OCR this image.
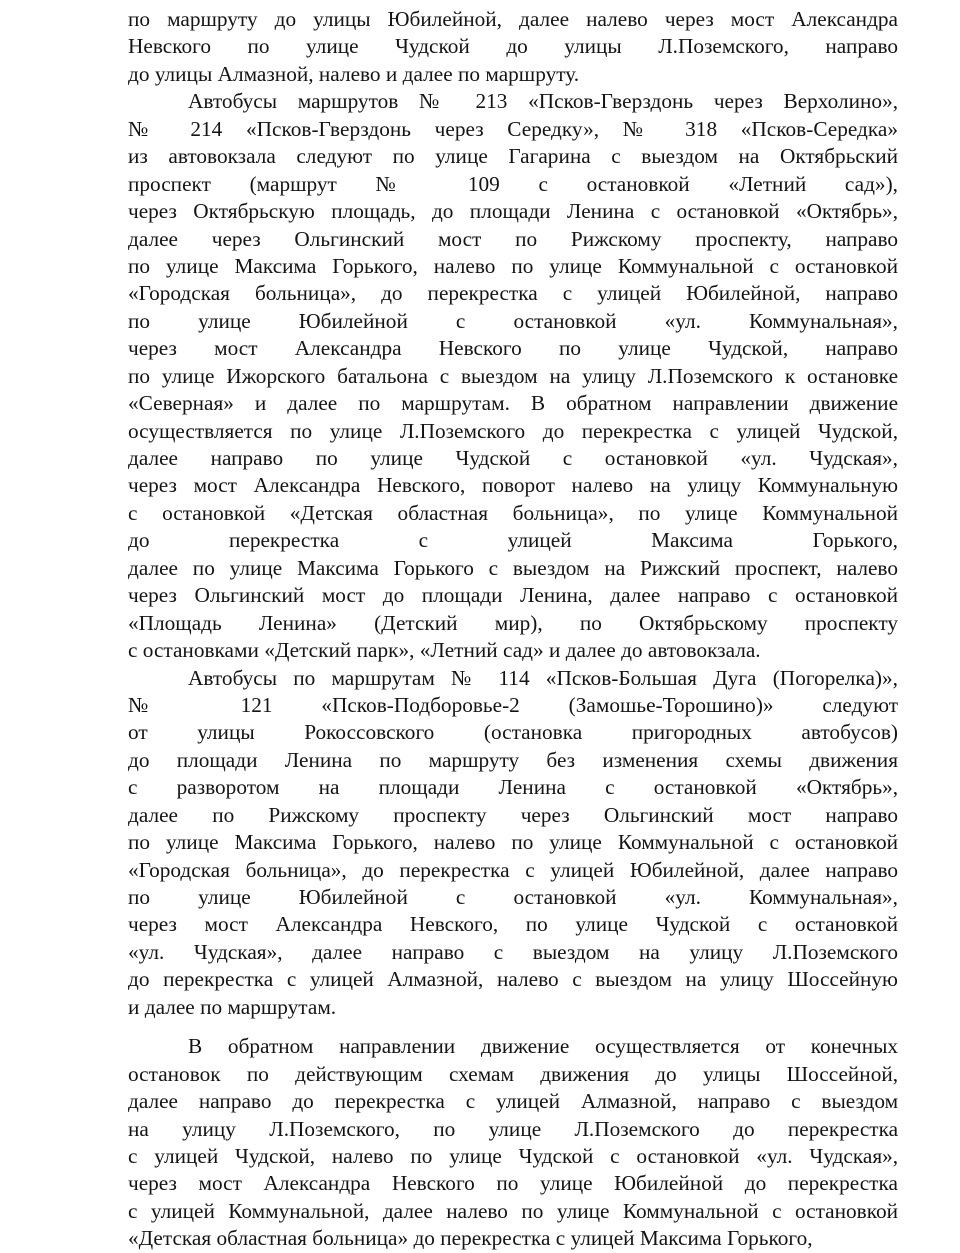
по маршруту до улицы Юбилейной, далее налево через мост Александра
Невского по улице Чудской до улицы Л.Поземского, направо
до улицы Алмазной, налево и далее по маршруту.
Автобусы маршрутов № 213 «Псков-Гверздонь через Верхолино»,
№ 214 «Псков-Гверздонь через Середку», № 318 «Псков-Середка»
из автовокзала следуют по улице Гагарина с выездом на Октябрьский
проспект (маршрут № 109 с остановкой «Летний сад»),
через Октябрьскую площадь, до площади Ленина с остановкой «Октябрь»,
далее через Ольгинский мост по Рижскому проспекту, направо
по улице Максима Горького, налево по улице Коммунальной с остановкой
«Городская больница», до перекрестка с улицей Юбилейной, направо
по улице Юбилейной с остановкой «ул. Коммунальная»,
через мост Александра Невского по улице Чудской, направо
по улице Ижорского батальона с выездом на улицу Л.Поземского к остановке
«Северная» и далее по маршрутам. В обратном направлении движение
осуществляется по улице Л.Поземского до перекрестка с улицей Чудской,
далее направо по улице Чудской с остановкой «ул. Чудская»,
через мост Александра Невского, поворот налево на улицу Коммунальную
с остановкой «Детская областная больница», по улице Коммунальной
до	перекрестка	с	улицей	Максима	Горького,
далее по улице Максима Горького с выездом на Рижский проспект, налево
через Ольгинский мост до площади Ленина, далее направо с остановкой
«Площадь Ленина» (Детский мир), по Октябрьскому проспекту
с остановками «Детский парк», «Летний сад» и далее до автовокзала.
Автобусы по маршрутам № 114 «Псков-Большая Дуга (Погорелка)»,
№ 121 «Псков-Подборовье-2 (Замошье-Торошино)» следуют
от улицы Рокоссовского (остановка пригородных автобусов)
до площади Ленина по маршруту без изменения схемы движения
с разворотом на площади Ленина с остановкой «Октябрь»,
далее по Рижскому проспекту через Ольгинский мост направо
по улице Максима Горького, налево по улице Коммунальной с остановкой
«Городская больница», до перекрестка с улицей Юбилейной, далее направо
по улице Юбилейной с остановкой «ул. Коммунальная»,
через мост Александра Невского, по улице Чудской с остановкой
«ул. Чудская», далее направо с выездом на улицу Л.Поземского
до перекрестка с улицей Алмазной, налево с выездом на улицу Шоссейную
и далее по маршрутам.
В обратном направлении движение осуществляется от конечных
остановок по действующим схемам движения до улицы Шоссейной,
далее направо до перекрестка с улицей Алмазной, направо с выездом
на улицу Л.Поземского, по улице Л.Поземского до перекрестка
с улицей Чудской, налево по улице Чудской с остановкой «ул. Чудская»,
через мост Александра Невского по улице Юбилейной до перекрестка
с улицей Коммунальной, далее налево по улице Коммунальной с остановкой
«Детская областная больница» до перекрестка с улицей Максима Горького,
